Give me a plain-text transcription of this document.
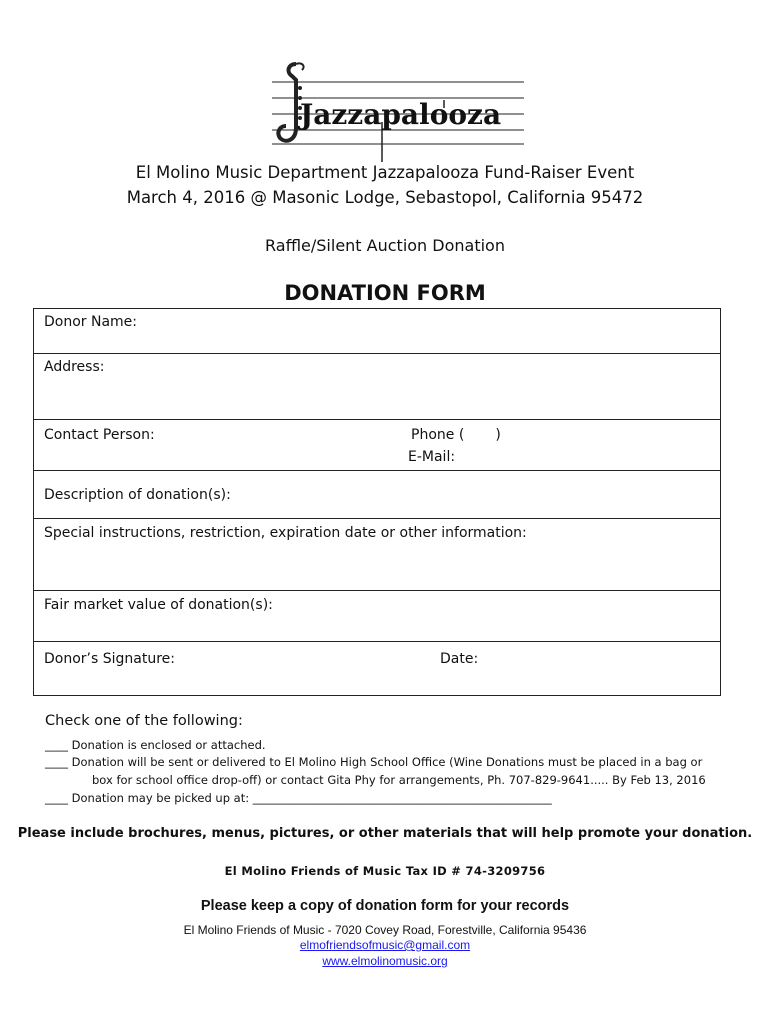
Jazzapalooza
El Molino Music Department Jazzapalooza Fund-Raiser Event
March 4, 2016 @ Masonic Lodge, Sebastopol, California 95472
Raffle/Silent Auction Donation
DONATION FORM
Donor Name:
Address:
Contact Person:	Phone (       )
E-Mail:
Description of donation(s):
Special instructions, restriction, expiration date or other information:
Fair market value of donation(s):
Donor’s Signature:	Date:
Check one of the following:
____ Donation is enclosed or attached.
____ Donation will be sent or delivered to El Molino High School Office (Wine Donations must be placed in a bag or
box for school office drop-off) or contact Gita Phy for arrangements, Ph. 707-829-9641..... By Feb 13, 2016
____ Donation may be picked up at: ____________________________________________________
Please include brochures, menus, pictures, or other materials that will help promote your donation.
El Molino Friends of Music Tax ID # 74-3209756
Please keep a copy of donation form for your records
El Molino Friends of Music - 7020 Covey Road, Forestville, California 95436
elmofriendsofmusic@gmail.com
www.elmolinomusic.org
